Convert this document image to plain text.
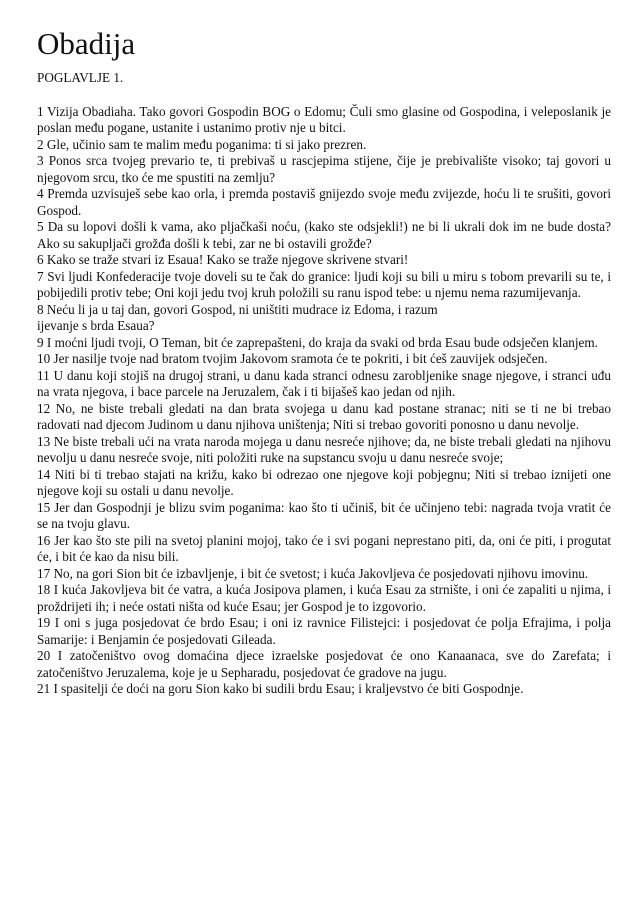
Obadija
POGLAVLJE 1.

1 Vizija Obadiaha. Tako govori Gospodin BOG o Edomu; Čuli smo glasine od Gospodina, i veleposlanik je poslan među pogane, ustanite i ustanimo protiv nje u bitci.

2 Gle, učinio sam te malim među poganima: ti si jako prezren.

3 Ponos srca tvojeg prevario te, ti prebivaš u rascjepima stijene, čije je prebivalište visoko; taj govori u njegovom srcu, tko će me spustiti na zemlju?

4 Premda uzvisuješ sebe kao orla, i premda postaviš gnijezdo svoje među zvijezde, hoću li te srušiti, govori Gospod.

5 Da su lopovi došli k vama, ako pljačkaši noću, (kako ste odsjekli!) ne bi li ukrali dok im ne bude dosta? Ako su sakupljači grožđa došli k tebi, zar ne bi ostavili grožđe?

6 Kako se traže stvari iz Esaua! Kako se traže njegove skrivene stvari!

7 Svi ljudi Konfederacije tvoje doveli su te čak do granice: ljudi koji su bili u miru s tobom prevarili su te, i pobijedili protiv tebe; Oni koji jedu tvoj kruh položili su ranu ispod tebe: u njemu nema razumijevanja.

8 Neću li ja u taj dan, govori Gospod, ni uništiti mudrace iz Edoma, i razum

ijevanje s brda Esaua?

9 I moćni ljudi tvoji, O Teman, bit će zaprepašteni, do kraja da svaki od brda Esau bude odsječen klanjem.

10 Jer nasilje tvoje nad bratom tvojim Jakovom sramota će te pokriti, i bit ćeš zauvijek odsječen.

11 U danu koji stojiš na drugoj strani, u danu kada stranci odnesu zarobljenike snage njegove, i stranci uđu na vrata njegova, i bace parcele na Jeruzalem, čak i ti bijašeš kao jedan od njih.

12 No, ne biste trebali gledati na dan brata svojega u danu kad postane stranac; niti se ti ne bi trebao radovati nad djecom Judinom u danu njihova uništenja; Niti si trebao govoriti ponosno u danu nevolje.

13 Ne biste trebali ući na vrata naroda mojega u danu nesreće njihove; da, ne biste trebali gledati na njihovu nevolju u danu nesreće svoje, niti položiti ruke na supstancu svoju u danu nesreće svoje;

14 Niti bi ti trebao stajati na križu, kako bi odrezao one njegove koji pobjegnu; Niti si trebao iznijeti one njegove koji su ostali u danu nevolje.

15 Jer dan Gospodnji je blizu svim poganima: kao što ti učiniš, bit će učinjeno tebi: nagrada tvoja vratit će se na tvoju glavu.

16 Jer kao što ste pili na svetoj planini mojoj, tako će i svi pogani neprestano piti, da, oni će piti, i progutat će, i bit će kao da nisu bili.

17 No, na gori Sion bit će izbavljenje, i bit će svetost; i kuća Jakovljeva će posjedovati njihovu imovinu.

18 I kuća Jakovljeva bit će vatra, a kuća Josipova plamen, i kuća Esau za strnište, i oni će zapaliti u njima, i proždrijeti ih; i neće ostati ništa od kuće Esau; jer Gospod je to izgovorio.

19 I oni s juga posjedovat će brdo Esau; i oni iz ravnice Filistejci: i posjedovat će polja Efrajima, i polja Samarije: i Benjamin će posjedovati Gileada.

20 I zatočeništvo ovog domaćina djece izraelske posjedovat će ono Kanaanaca, sve do Zarefata; i zatočeništvo Jeruzalema, koje je u Sepharadu, posjedovat će gradove na jugu.

21 I spasitelji će doći na goru Sion kako bi sudili brdu Esau; i kraljevstvo će biti Gospodnje.
